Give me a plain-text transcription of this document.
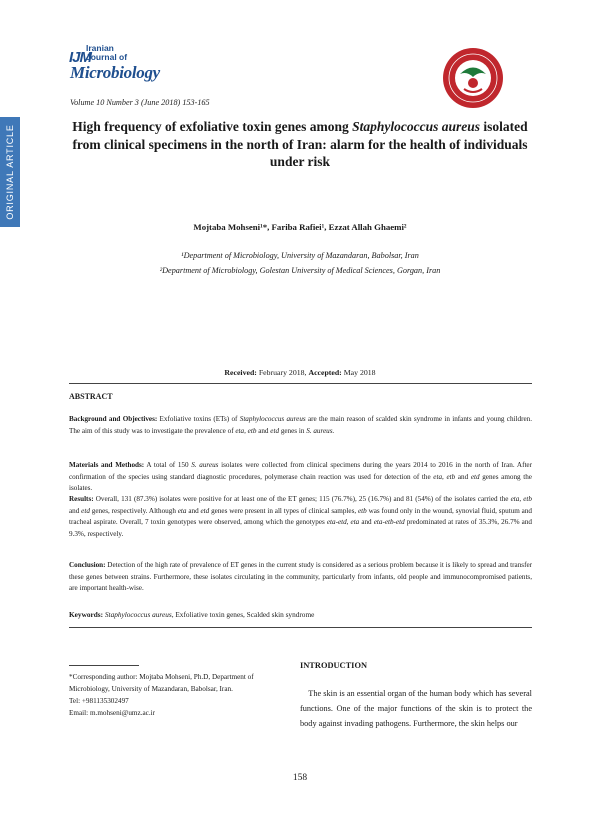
IJM
Iranian
Journal of
Microbiology
Volume 10 Number 3 (June 2018) 153-165
ORIGINAL ARTICLE	High frequency of exfoliative toxin genes among Staphylococcus aureus isolated from clinical specimens in the north of Iran: alarm for the health of individuals under risk
Mojtaba Mohseni¹*, Fariba Rafiei¹, Ezzat Allah Ghaemi²
¹Department of Microbiology, University of Mazandaran, Babolsar, Iran
²Department of Microbiology, Golestan University of Medical Sciences, Gorgan, Iran
Received: February 2018, Accepted: May 2018
ABSTRACT
Background and Objectives: Exfoliative toxins (ETs) of Staphylococcus aureus are the main reason of scalded skin syndrome in infants and young children. The aim of this study was to investigate the prevalence of eta, etb and etd genes in S. aureus.
Materials and Methods: A total of 150 S. aureus isolates were collected from clinical specimens during the years 2014 to 2016 in the north of Iran. After confirmation of the species using standard diagnostic procedures, polymerase chain reaction was used for detection of the eta, etb and etd genes among the isolates.
Results: Overall, 131 (87.3%) isolates were positive for at least one of the ET genes; 115 (76.7%), 25 (16.7%) and 81 (54%) of the isolates carried the eta, etb and etd genes, respectively. Although eta and etd genes were present in all types of clinical samples, etb was found only in the wound, synovial fluid, sputum and tracheal aspirate. Overall, 7 toxin genotypes were observed, among which the genotypes eta-etd, eta and eta-etb-etd predominated at rates of 35.3%, 26.7% and 9.3%, respectively.
Conclusion: Detection of the high rate of prevalence of ET genes in the current study is considered as a serious problem because it is likely to spread and transfer these genes between strains. Furthermore, these isolates circulating in the community, particularly from infants, old people and immunocompromised patients, are important health-wise.
Keywords: Staphylococcus aureus, Exfoliative toxin genes, Scalded skin syndrome
*Corresponding author: Mojtaba Mohseni, Ph.D, Department of Microbiology, University of Mazandaran, Babolsar, Iran.
Tel: +981135302497
Email: m.mohseni@umz.ac.ir
INTRODUCTION
 The skin is an essential organ of the human body which has several functions. One of the major functions of the skin is to protect the body against invading pathogens. Furthermore, the skin helps our
158
